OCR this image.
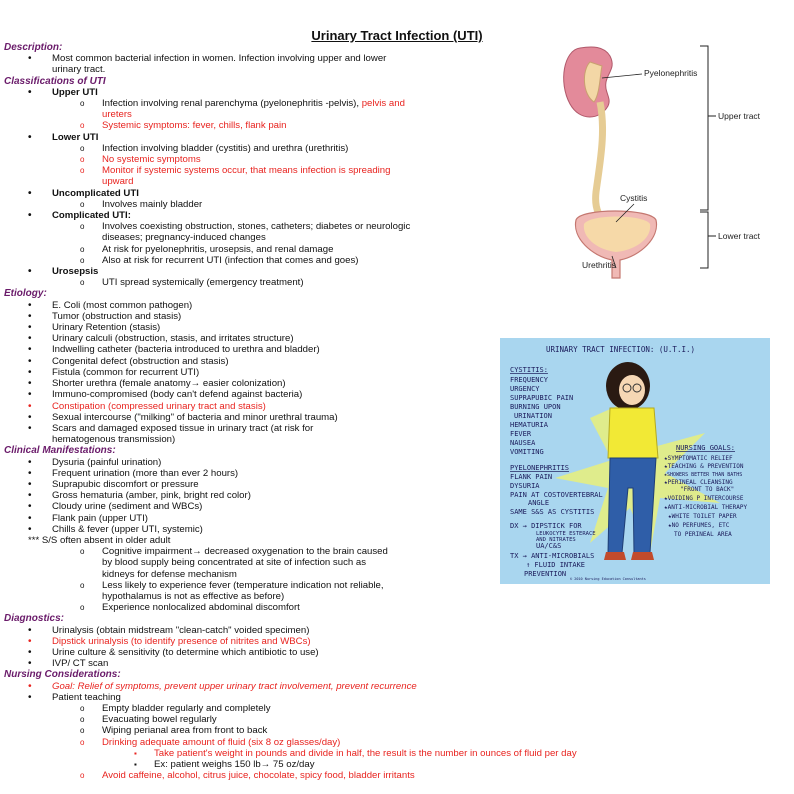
Urinary Tract Infection (UTI)
Description:
• Most common bacterial infection in women. Infection involving upper and lower
urinary tract.
Classifications of UTI
• Upper UTI
o Infection involving renal parenchyma (pyelonephritis -pelvis), pelvis and
ureters
o Systemic symptoms: fever, chills, flank pain
• Lower UTI
o Infection involving bladder (cystitis) and urethra (urethritis)
o No systemic symptoms
o Monitor if systemic systems occur, that means infection is spreading
upward
• Uncomplicated UTI
o Involves mainly bladder
• Complicated UTI:
o Involves coexisting obstruction, stones, catheters; diabetes or neurologic
diseases; pregnancy-induced changes
o At risk for pyelonephritis, urosepsis, and renal damage
o Also at risk for recurrent UTI (infection that comes and goes)
• Urosepsis
o UTI spread systemically (emergency treatment)
Etiology:
• E. Coli (most common pathogen)
• Tumor (obstruction and stasis)
• Urinary Retention (stasis)
• Urinary calculi (obstruction, stasis, and irritates structure)
• Indwelling catheter (bacteria introduced to urethra and bladder)
• Congenital defect (obstruction and stasis)
• Fistula (common for recurrent UTI)
• Shorter urethra (female anatomy→ easier colonization)
• Immuno-compromised (body can't defend against bacteria)
• Constipation (compressed urinary tract and stasis)
• Sexual intercourse ("milking" of bacteria and minor urethral trauma)
• Scars and damaged exposed tissue in urinary tract (at risk for
hematogenous transmission)
Clinical Manifestations:
• Dysuria (painful urination)
• Frequent urination (more than ever 2 hours)
• Suprapubic discomfort or pressure
• Gross hematuria (amber, pink, bright red color)
• Cloudy urine (sediment and WBCs)
• Flank pain (upper UTI)
• Chills & fever (upper UTI, systemic)
*** S/S often absent in older adult
o Cognitive impairment→ decreased oxygenation to the brain caused
by blood supply being concentrated at site of infection such as
kidneys for defense mechanism
o Less likely to experience fever (temperature indication not reliable,
hypothalamus is not as effective as before)
o Experience nonlocalized abdominal discomfort
Diagnostics:
• Urinalysis (obtain midstream "clean-catch" voided specimen)
• Dipstick urinalysis (to identify presence of nitrites and WBCs)
• Urine culture & sensitivity (to determine which antibiotic to use)
• IVP/ CT scan
Nursing Considerations:
• Goal: Relief of symptoms, prevent upper urinary tract involvement, prevent recurrence
• Patient teaching
o Empty bladder regularly and completely
o Evacuating bowel regularly
o Wiping perianal area from front to back
o Drinking adequate amount of fluid (six 8 oz glasses/day)
▪ Take patient's weight in pounds and divide in half, the result is the number in ounces of fluid per day
▪ Ex: patient weighs 150 lb→ 75 oz/day
o Avoid caffeine, alcohol, citrus juice, chocolate, spicy food, bladder irritants
Pyelonephritis
Upper tract
Cystitis
Lower tract
Urethritis
URINARY TRACT INFECTION: (U.T.I.)
CYSTITIS:
FREQUENCY
URGENCY
SUPRAPUBIC PAIN
BURNING UPON
URINATION
HEMATURIA
FEVER
NAUSEA
VOMITING
PYELONEPHRITIS
FLANK PAIN
DYSURIA
PAIN AT COSTOVERTEBRAL
ANGLE
SAME S&S AS CYSTITIS
DX → DIPSTICK FOR
LEUKOCYTE ESTERACE
AND NITRATES
UA/C&S
TX → ANTI-MICROBIALS
↑ FLUID INTAKE
PREVENTION
NURSING GOALS:
★SYMPTOMATIC RELIEF
★TEACHING & PREVENTION
★SHOWERS BETTER THAN BATHS
★PERINEAL CLEANSING
"FRONT TO BACK"
★VOIDING P INTERCOURSE
★ANTI-MICROBIAL THERAPY
★WHITE TOILET PAPER
★NO PERFUMES, ETC
TO PERINEAL AREA
© 2010 Nursing Education Consultants
